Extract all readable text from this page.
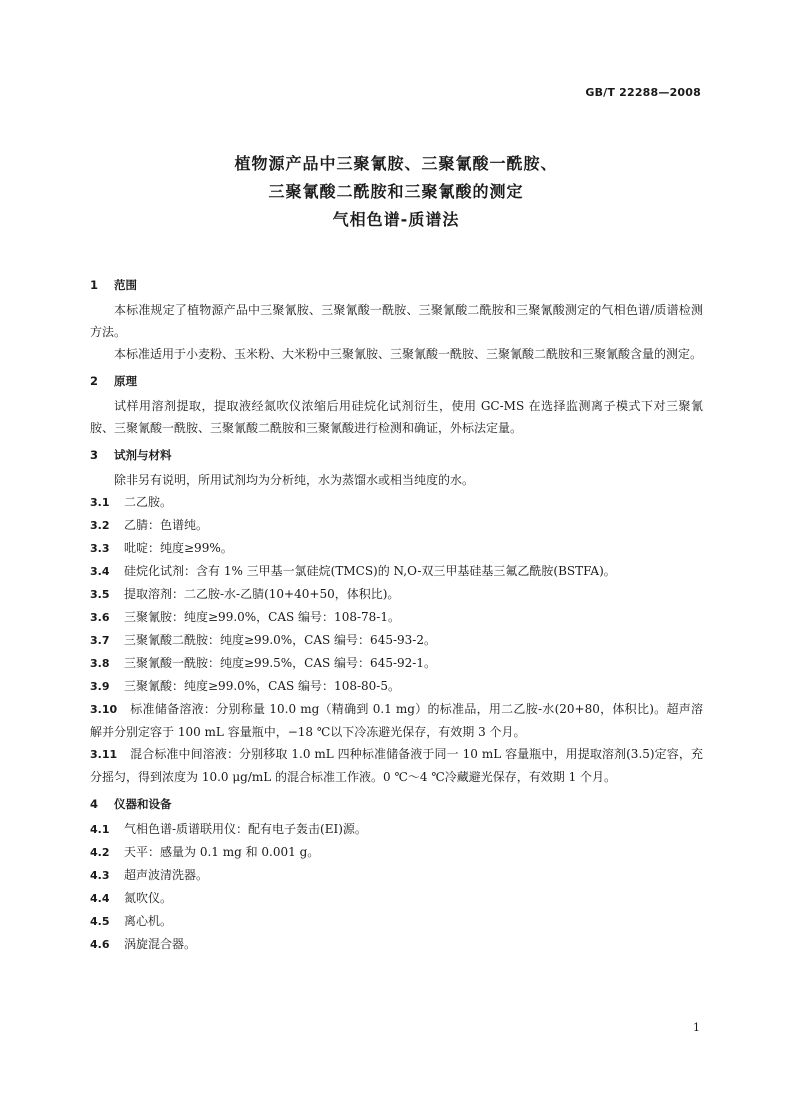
GB/T 22288—2008
植物源产品中三聚氰胺、三聚氰酸一酰胺、
三聚氰酸二酰胺和三聚氰酸的测定
气相色谱-质谱法
1 范围
本标准规定了植物源产品中三聚氰胺、三聚氰酸一酰胺、三聚氰酸二酰胺和三聚氰酸测定的气相色谱/质谱检测方法。
本标准适用于小麦粉、玉米粉、大米粉中三聚氰胺、三聚氰酸一酰胺、三聚氰酸二酰胺和三聚氰酸含量的测定。
2 原理
试样用溶剂提取，提取液经氮吹仪浓缩后用硅烷化试剂衍生，使用 GC-MS 在选择监测离子模式下对三聚氰胺、三聚氰酸一酰胺、三聚氰酸二酰胺和三聚氰酸进行检测和确证，外标法定量。
3 试剂与材料
除非另有说明，所用试剂均为分析纯，水为蒸馏水或相当纯度的水。
3.1 二乙胺。
3.2 乙腈：色谱纯。
3.3 吡啶：纯度≥99%。
3.4 硅烷化试剂：含有 1% 三甲基一氯硅烷(TMCS)的 N,O-双三甲基硅基三氟乙酰胺(BSTFA)。
3.5 提取溶剂：二乙胺-水-乙腈(10+40+50，体积比)。
3.6 三聚氰胺：纯度≥99.0%，CAS 编号：108-78-1。
3.7 三聚氰酸二酰胺：纯度≥99.0%，CAS 编号：645-93-2。
3.8 三聚氰酸一酰胺：纯度≥99.5%，CAS 编号：645-92-1。
3.9 三聚氰酸：纯度≥99.0%，CAS 编号：108-80-5。
3.10 标准储备溶液：分别称量 10.0 mg（精确到 0.1 mg）的标准品，用二乙胺-水(20+80，体积比)。超声溶解并分别定容于 100 mL 容量瓶中，−18 ℃以下冷冻避光保存，有效期 3 个月。
3.11 混合标准中间溶液：分别移取 1.0 mL 四种标准储备液于同一 10 mL 容量瓶中，用提取溶剂(3.5)定容，充分摇匀，得到浓度为 10.0 μg/mL 的混合标准工作液。0 ℃～4 ℃冷藏避光保存，有效期 1 个月。
4 仪器和设备
4.1 气相色谱-质谱联用仪：配有电子轰击(EI)源。
4.2 天平：感量为 0.1 mg 和 0.001 g。
4.3 超声波清洗器。
4.4 氮吹仪。
4.5 离心机。
4.6 涡旋混合器。
1
